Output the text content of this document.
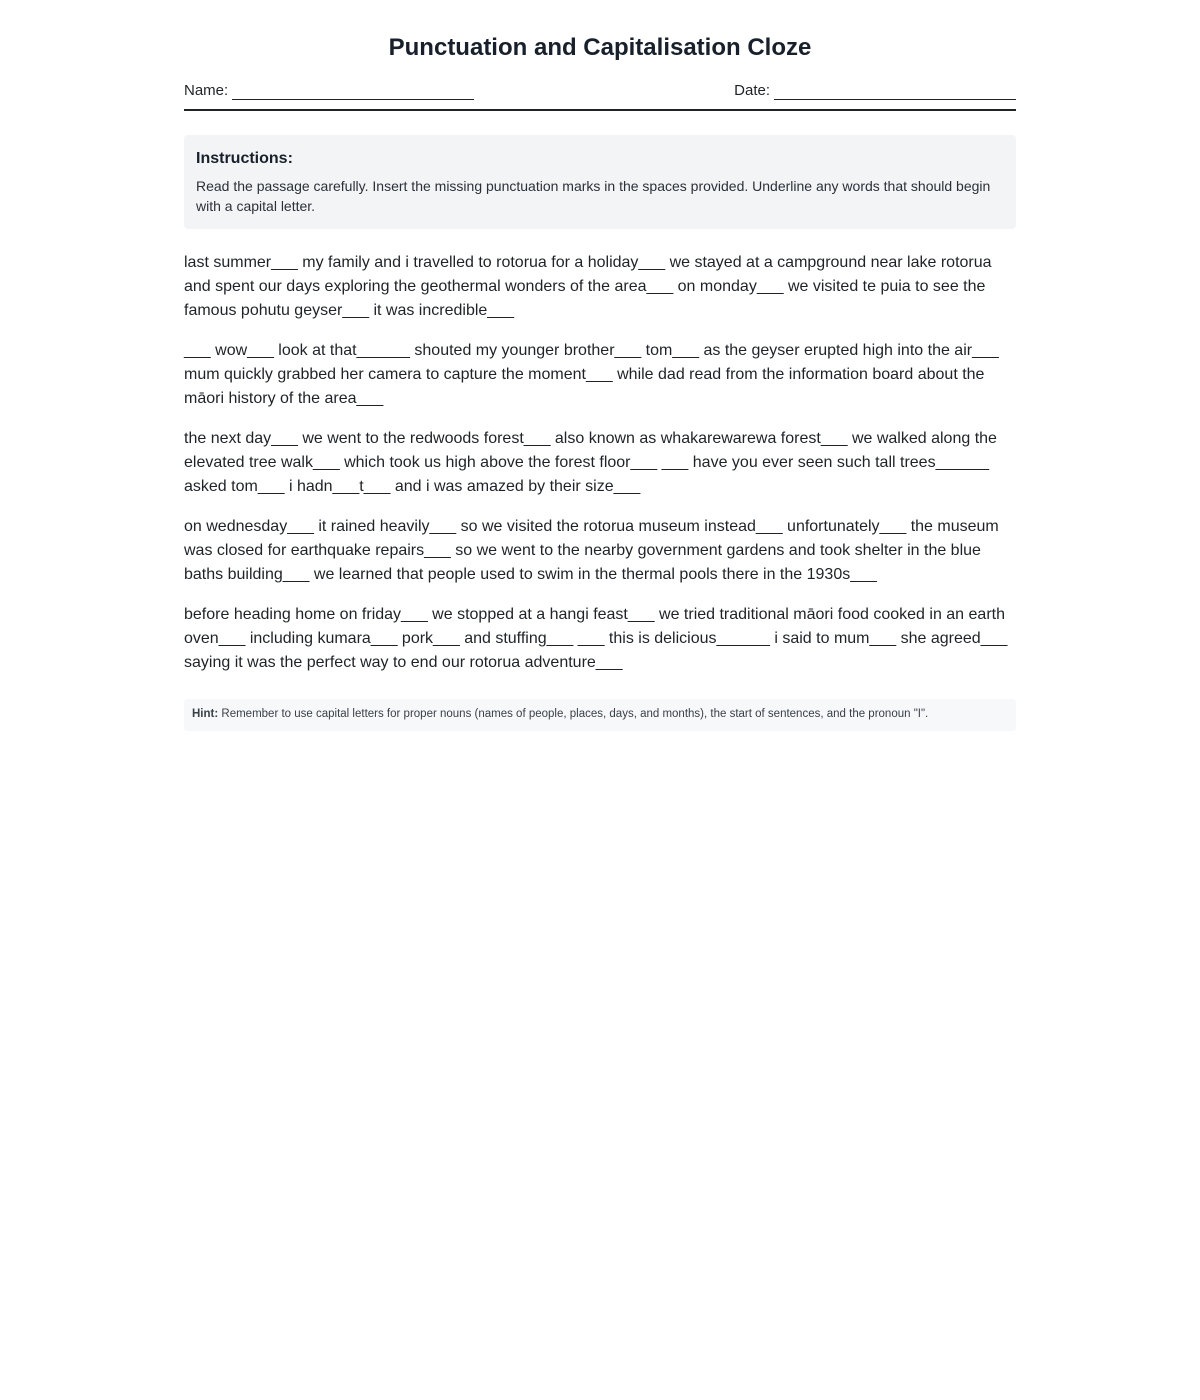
Punctuation and Capitalisation Cloze
Name:	Date:
Instructions:

Read the passage carefully. Insert the missing punctuation marks in the spaces provided. Underline any words that should begin with a capital letter.

last summer___ my family and i travelled to rotorua for a holiday___ we stayed at a campground near lake rotorua and spent our days exploring the geothermal wonders of the area___ on monday___ we visited te puia to see the famous pohutu geyser___ it was incredible___

___ wow___ look at that______ shouted my younger brother___ tom___ as the geyser erupted high into the air___ mum quickly grabbed her camera to capture the moment___ while dad read from the information board about the māori history of the area___

the next day___ we went to the redwoods forest___ also known as whakarewarewa forest___ we walked along the elevated tree walk___ which took us high above the forest floor___ ___ have you ever seen such tall trees______ asked tom___ i hadn___t___ and i was amazed by their size___

on wednesday___ it rained heavily___ so we visited the rotorua museum instead___ unfortunately___ the museum was closed for earthquake repairs___ so we went to the nearby government gardens and took shelter in the blue baths building___ we learned that people used to swim in the thermal pools there in the 1930s___

before heading home on friday___ we stopped at a hangi feast___ we tried traditional māori food cooked in an earth oven___ including kumara___ pork___ and stuffing___ ___ this is delicious______ i said to mum___ she agreed___ saying it was the perfect way to end our rotorua adventure___

Hint: Remember to use capital letters for proper nouns (names of people, places, days, and months), the start of sentences, and the pronoun "I".
